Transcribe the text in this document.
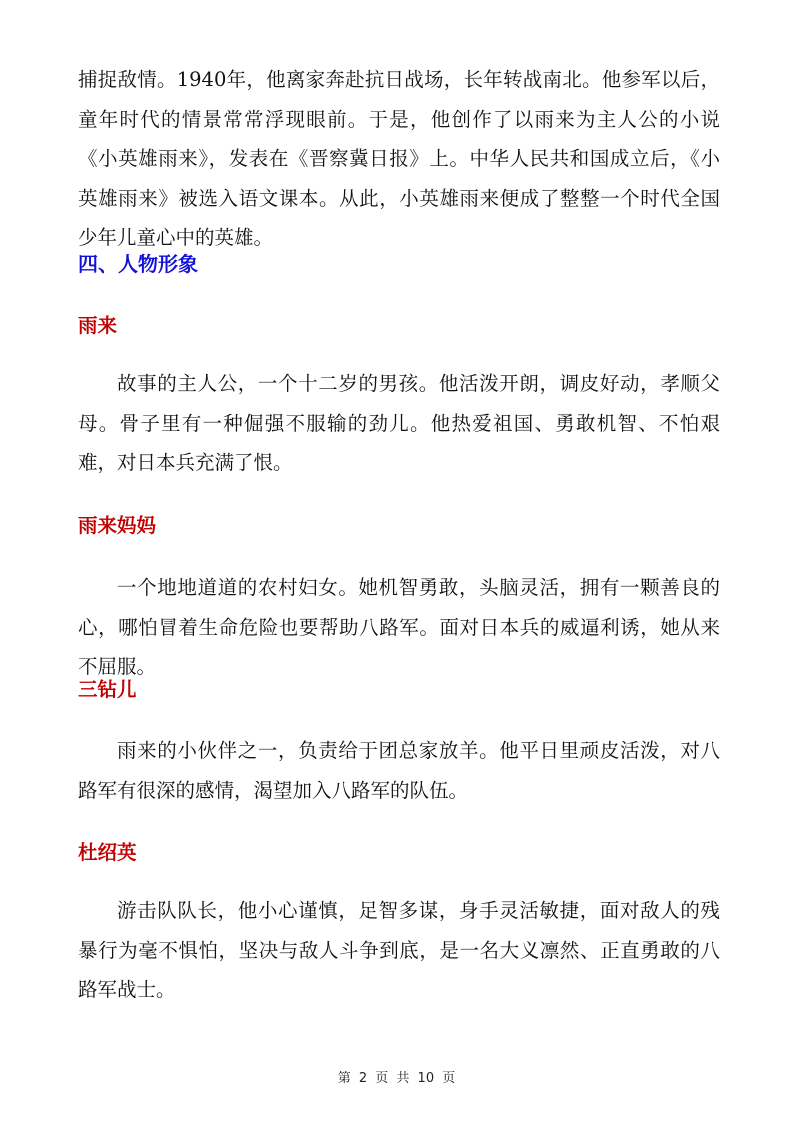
捕捉敌情。1940年，他离家奔赴抗日战场，长年转战南北。他参军以后，童年时代的情景常常浮现眼前。于是，他创作了以雨来为主人公的小说《小英雄雨来》，发表在《晋察冀日报》上。中华人民共和国成立后，《小英雄雨来》被选入语文课本。从此，小英雄雨来便成了整整一个时代全国少年儿童心中的英雄。

四、人物形象
雨来

故事的主人公，一个十二岁的男孩。他活泼开朗，调皮好动，孝顺父母。骨子里有一种倔强不服输的劲儿。他热爱祖国、勇敢机智、不怕艰难，对日本兵充满了恨。

雨来妈妈

一个地地道道的农村妇女。她机智勇敢，头脑灵活，拥有一颗善良的心，哪怕冒着生命危险也要帮助八路军。面对日本兵的威逼利诱，她从来不屈服。

三钻儿

雨来的小伙伴之一，负责给于团总家放羊。他平日里顽皮活泼，对八路军有很深的感情，渴望加入八路军的队伍。

杜绍英

游击队队长，他小心谨慎，足智多谋，身手灵活敏捷，面对敌人的残暴行为毫不惧怕，坚决与敌人斗争到底，是一名大义凛然、正直勇敢的八路军战士。

第 2 页 共 10 页
